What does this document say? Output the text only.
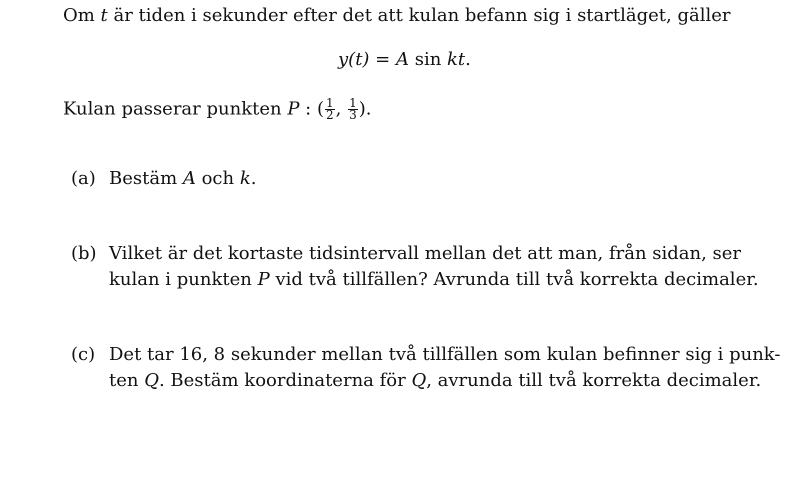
Om t är tiden i sekunder efter det att kulan befann sig i startläget, gäller
y(t) = A sin kt.
Kulan passerar punkten P : ( $\frac{1}{2}$ , $\frac{1}{3}$ ).
(a) Bestäm A och k.
(b) Vilket är det kortaste tidsintervall mellan det att man, från sidan, ser
kulan i punkten P vid två tillfällen? Avrunda till två korrekta decimaler.
(c) Det tar 16, 8 sekunder mellan två tillfällen som kulan befinner sig i punk-
ten Q. Bestäm koordinaterna för Q, avrunda till två korrekta decimaler.
